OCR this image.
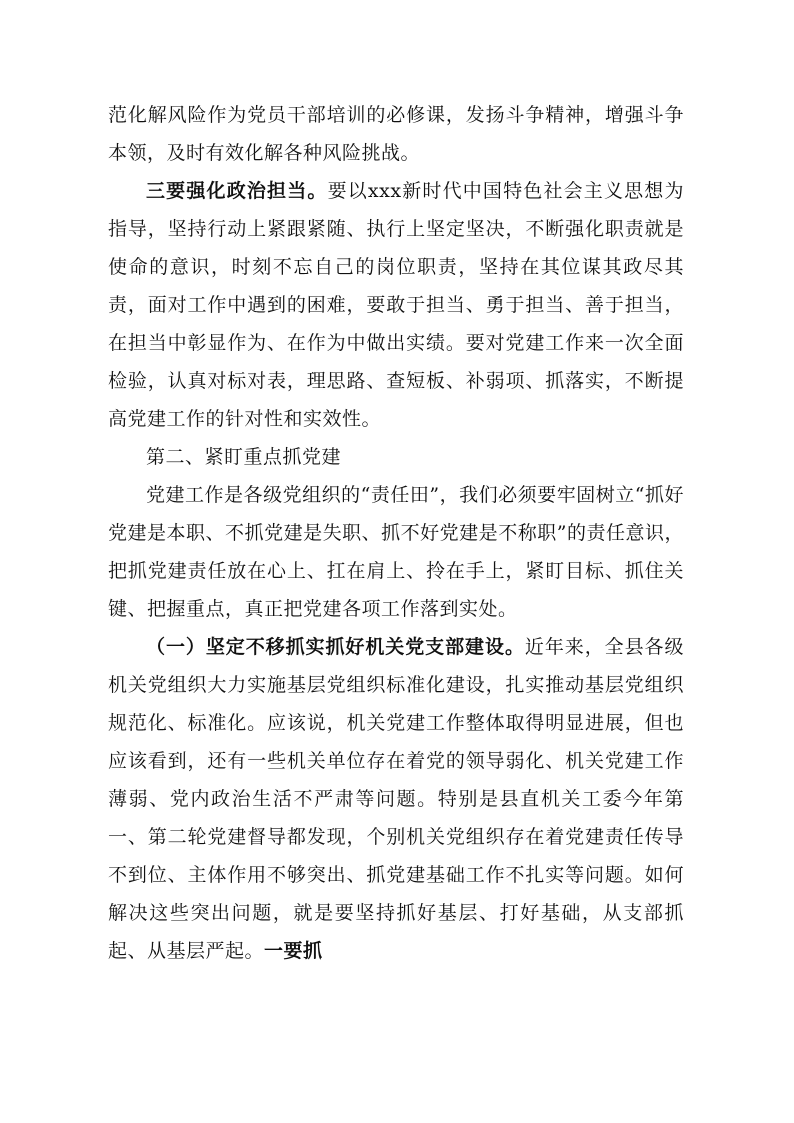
范化解风险作为党员干部培训的必修课，发扬斗争精神，增强斗争本领，及时有效化解各种风险挑战。

三要强化政治担当。要以xxx新时代中国特色社会主义思想为指导，坚持行动上紧跟紧随、执行上坚定坚决，不断强化职责就是使命的意识，时刻不忘自己的岗位职责，坚持在其位谋其政尽其责，面对工作中遇到的困难，要敢于担当、勇于担当、善于担当，在担当中彰显作为、在作为中做出实绩。要对党建工作来一次全面检验，认真对标对表，理思路、查短板、补弱项、抓落实，不断提高党建工作的针对性和实效性。

第二、紧盯重点抓党建

党建工作是各级党组织的“责任田”，我们必须要牢固树立“抓好党建是本职、不抓党建是失职、抓不好党建是不称职”的责任意识，把抓党建责任放在心上、扛在肩上、拎在手上，紧盯目标、抓住关键、把握重点，真正把党建各项工作落到实处。

（一）坚定不移抓实抓好机关党支部建设。近年来，全县各级机关党组织大力实施基层党组织标准化建设，扎实推动基层党组织规范化、标准化。应该说，机关党建工作整体取得明显进展，但也应该看到，还有一些机关单位存在着党的领导弱化、机关党建工作薄弱、党内政治生活不严肃等问题。特别是县直机关工委今年第一、第二轮党建督导都发现，个别机关党组织存在着党建责任传导不到位、主体作用不够突出、抓党建基础工作不扎实等问题。如何解决这些突出问题，就是要坚持抓好基层、打好基础，从支部抓起、从基层严起。一要抓
